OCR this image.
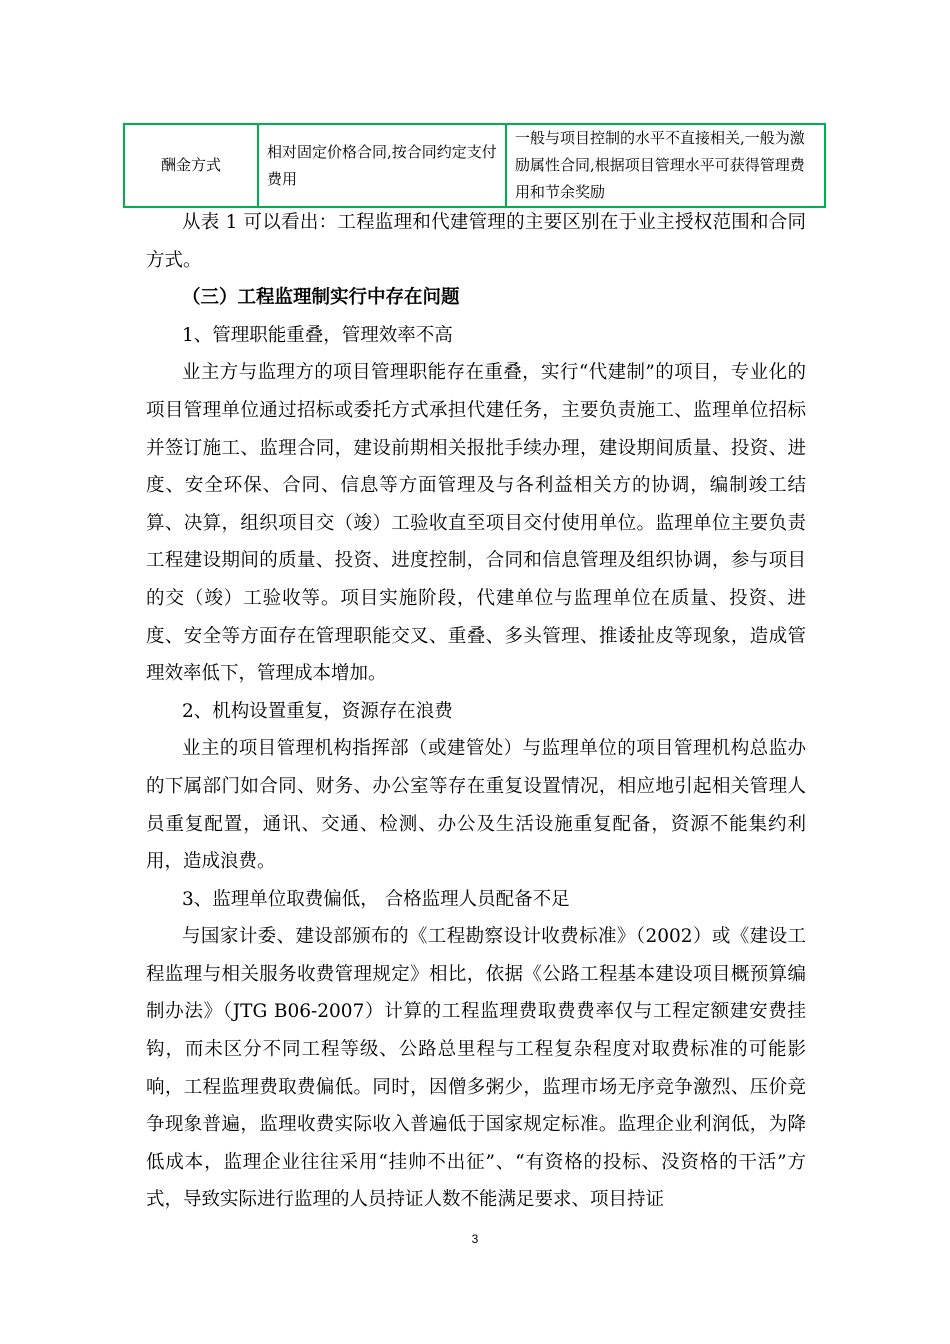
酬金方式	相对固定价格合同,按合同约定支付费用	一般与项目控制的水平不直接相关,一般为激励属性合同,根据项目管理水平可获得管理费用和节余奖励

从表 1 可以看出：工程监理和代建管理的主要区别在于业主授权范围和合同方式。

（三）工程监理制实行中存在问题

1、管理职能重叠，管理效率不高

业主方与监理方的项目管理职能存在重叠，实行“代建制”的项目，专业化的项目管理单位通过招标或委托方式承担代建任务，主要负责施工、监理单位招标并签订施工、监理合同，建设前期相关报批手续办理，建设期间质量、投资、进度、安全环保、合同、信息等方面管理及与各利益相关方的协调，编制竣工结算、决算，组织项目交（竣）工验收直至项目交付使用单位。监理单位主要负责工程建设期间的质量、投资、进度控制，合同和信息管理及组织协调，参与项目的交（竣）工验收等。项目实施阶段，代建单位与监理单位在质量、投资、进度、安全等方面存在管理职能交叉、重叠、多头管理、推诿扯皮等现象，造成管理效率低下，管理成本增加。

2、机构设置重复，资源存在浪费

业主的项目管理机构指挥部（或建管处）与监理单位的项目管理机构总监办的下属部门如合同、财务、办公室等存在重复设置情况，相应地引起相关管理人员重复配置，通讯、交通、检测、办公及生活设施重复配备，资源不能集约利用，造成浪费。

3、监理单位取费偏低， 合格监理人员配备不足

与国家计委、建设部颁布的《工程勘察设计收费标准》（2002）或《建设工程监理与相关服务收费管理规定》相比，依据《公路工程基本建设项目概预算编制办法》（JTG B06-2007）计算的工程监理费取费费率仅与工程定额建安费挂钩，而未区分不同工程等级、公路总里程与工程复杂程度对取费标准的可能影响，工程监理费取费偏低。同时，因僧多粥少，监理市场无序竞争激烈、压价竞争现象普遍，监理收费实际收入普遍低于国家规定标准。监理企业利润低，为降低成本，监理企业往往采用“挂帅不出征”、“有资格的投标、没资格的干活”方式，导致实际进行监理的人员持证人数不能满足要求、项目持证

3
